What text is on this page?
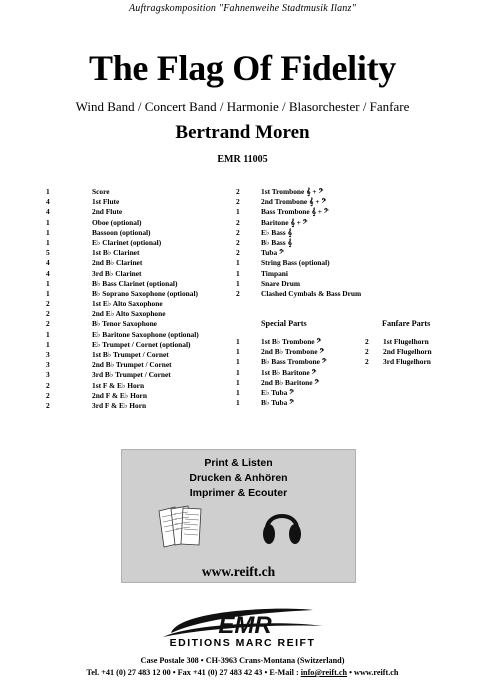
Auftragskomposition "Fahnenweihe Stadtmusik Ilanz"
The Flag Of Fidelity
Wind Band / Concert Band / Harmonie / Blasorchester / Fanfare
Bertrand Moren
EMR 11005
1	Score
4	1st Flute
4	2nd Flute
1	Oboe (optional)
1	Bassoon (optional)
1	E♭ Clarinet (optional)
5	1st B♭ Clarinet
4	2nd B♭ Clarinet
4	3rd B♭ Clarinet
1	B♭ Bass Clarinet (optional)
1	B♭ Soprano Saxophone (optional)
2	1st E♭ Alto Saxophone
2	2nd E♭ Alto Saxophone
2	B♭ Tenor Saxophone
1	E♭ Baritone Saxophone (optional)
1	E♭ Trumpet / Cornet (optional)
3	1st B♭ Trumpet / Cornet
3	2nd B♭ Trumpet / Cornet
3	3rd B♭ Trumpet / Cornet
2	1st F & E♭ Horn
2	2nd F & E♭ Horn
2	3rd F & E♭ Horn
2	1st Trombone 𝄞 + 𝄢
2	2nd Trombone 𝄞 + 𝄢
1	Bass Trombone 𝄞 + 𝄢
2	Baritone 𝄞 + 𝄢
2	E♭ Bass 𝄞
2	B♭ Bass 𝄞
2	Tuba 𝄢
1	String Bass (optional)
1	Timpani
1	Snare Drum
2	Clashed Cymbals & Bass Drum
Special Parts	Fanfare Parts
1	1st B♭ Trombone 𝄢
1	2nd B♭ Trombone 𝄢
1	B♭ Bass Trombone 𝄢
1	1st B♭ Baritone 𝄢
1	2nd B♭ Baritone 𝄢
1	E♭ Tuba 𝄢
1	B♭ Tuba 𝄢
2 1st Flugelhorn
2 2nd Flugelhorn
2 3rd Flugelhorn
Print & Listen
Drucken & Anhören
Imprimer & Ecouter
www.reift.ch
EMR
EDITIONS MARC REIFT
Case Postale 308 • CH-3963 Crans-Montana (Switzerland)
Tel. +41 (0) 27 483 12 00 • Fax +41 (0) 27 483 42 43 • E-Mail : info@reift.ch • www.reift.ch
